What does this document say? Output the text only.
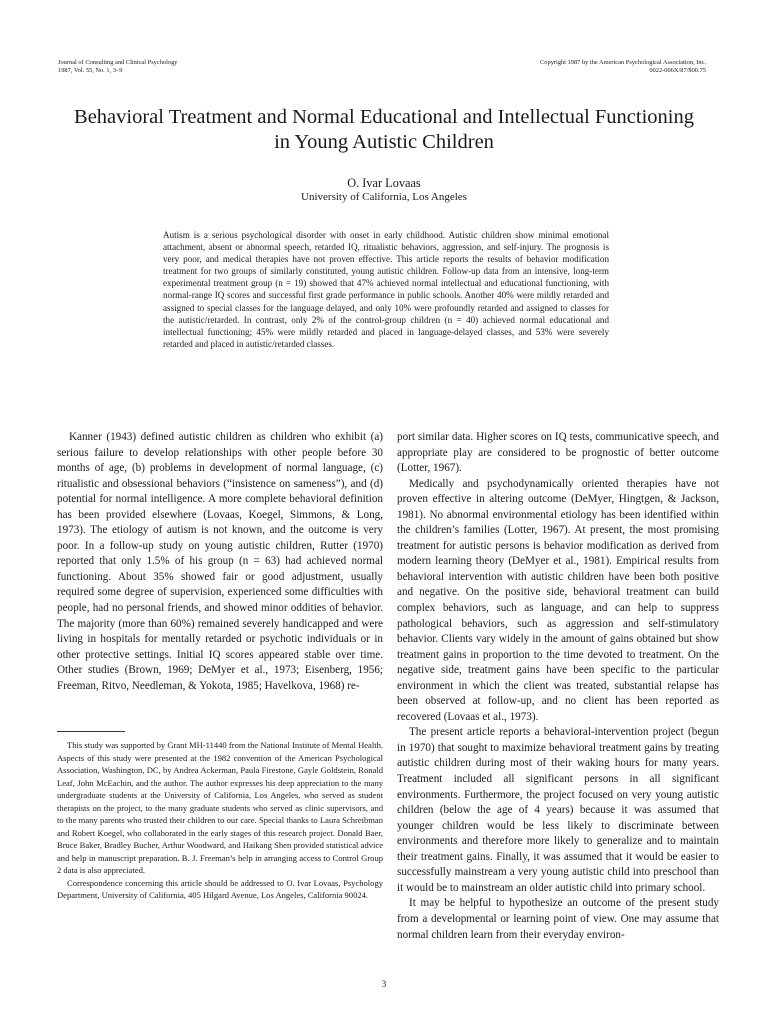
Journal of Consulting and Clinical Psychology
1987, Vol. 55, No. 1, 3–9
Copyright 1987 by the American Psychological Association, Inc.
0022-006X/87/$00.75
Behavioral Treatment and Normal Educational and Intellectual Functioning in Young Autistic Children
O. Ivar Lovaas
University of California, Los Angeles
Autism is a serious psychological disorder with onset in early childhood. Autistic children show minimal emotional attachment, absent or abnormal speech, retarded IQ, ritualistic behaviors, aggression, and self-injury. The prognosis is very poor, and medical therapies have not proven effective. This article reports the results of behavior modification treatment for two groups of similarly constituted, young autistic children. Follow-up data from an intensive, long-term experimental treatment group (n = 19) showed that 47% achieved normal intellectual and educational functioning, with normal-range IQ scores and successful first grade performance in public schools. Another 40% were mildly retarded and assigned to special classes for the language delayed, and only 10% were profoundly retarded and assigned to classes for the autistic/retarded. In contrast, only 2% of the control-group children (n = 40) achieved normal educational and intellectual functioning; 45% were mildly retarded and placed in language-delayed classes, and 53% were severely retarded and placed in autistic/retarded classes.

Kanner (1943) defined autistic children as children who exhibit (a) serious failure to develop relationships with other people before 30 months of age, (b) problems in development of normal language, (c) ritualistic and obsessional behaviors (“insistence on sameness”), and (d) potential for normal intelligence. A more complete behavioral definition has been provided elsewhere (Lovaas, Koegel, Simmons, & Long, 1973). The etiology of autism is not known, and the outcome is very poor. In a follow-up study on young autistic children, Rutter (1970) reported that only 1.5% of his group (n = 63) had achieved normal functioning. About 35% showed fair or good adjustment, usually required some degree of supervision, experienced some difficulties with people, had no personal friends, and showed minor oddities of behavior. The majority (more than 60%) remained severely handicapped and were living in hospitals for mentally retarded or psychotic individuals or in other protective settings. Initial IQ scores appeared stable over time. Other studies (Brown, 1969; DeMyer et al., 1973; Eisenberg, 1956; Freeman, Ritvo, Needleman, & Yokota, 1985; Havelkova, 1968) re-

This study was supported by Grant MH-11440 from the National Institute of Mental Health. Aspects of this study were presented at the 1982 convention of the American Psychological Association, Washington, DC, by Andrea Ackerman, Paula Firestone, Gayle Goldstein, Ronald Leaf, John McEachin, and the author. The author expresses his deep appreciation to the many undergraduate students at the University of California, Los Angeles, who served as student therapists on the project, to the many graduate students who served as clinic supervisors, and to the many parents who trusted their children to our care. Special thanks to Laura Schreibman and Robert Koegel, who collaborated in the early stages of this research project. Donald Baer, Bruce Baker, Bradley Bucher, Arthur Woodward, and Haikang Shen provided statistical advice and help in manuscript preparation. B. J. Freeman’s help in arranging access to Control Group 2 data is also appreciated.

Correspondence concerning this article should be addressed to O. Ivar Lovaas, Psychology Department, University of California, 405 Hilgard Avenue, Los Angeles, California 90024.

port similar data. Higher scores on IQ tests, communicative speech, and appropriate play are considered to be prognostic of better outcome (Lotter, 1967).

Medically and psychodynamically oriented therapies have not proven effective in altering outcome (DeMyer, Hingtgen, & Jackson, 1981). No abnormal environmental etiology has been identified within the children’s families (Lotter, 1967). At present, the most promising treatment for autistic persons is behavior modification as derived from modern learning theory (DeMyer et al., 1981). Empirical results from behavioral intervention with autistic children have been both positive and negative. On the positive side, behavioral treatment can build complex behaviors, such as language, and can help to suppress pathological behaviors, such as aggression and self-stimulatory behavior. Clients vary widely in the amount of gains obtained but show treatment gains in proportion to the time devoted to treatment. On the negative side, treatment gains have been specific to the particular environment in which the client was treated, substantial relapse has been observed at follow-up, and no client has been reported as recovered (Lovaas et al., 1973).

The present article reports a behavioral-intervention project (begun in 1970) that sought to maximize behavioral treatment gains by treating autistic children during most of their waking hours for many years. Treatment included all significant persons in all significant environments. Furthermore, the project focused on very young autistic children (below the age of 4 years) because it was assumed that younger children would be less likely to discriminate between environments and therefore more likely to generalize and to maintain their treatment gains. Finally, it was assumed that it would be easier to successfully mainstream a very young autistic child into preschool than it would be to mainstream an older autistic child into primary school.

It may be helpful to hypothesize an outcome of the present study from a developmental or learning point of view. One may assume that normal children learn from their everyday environ-

3
